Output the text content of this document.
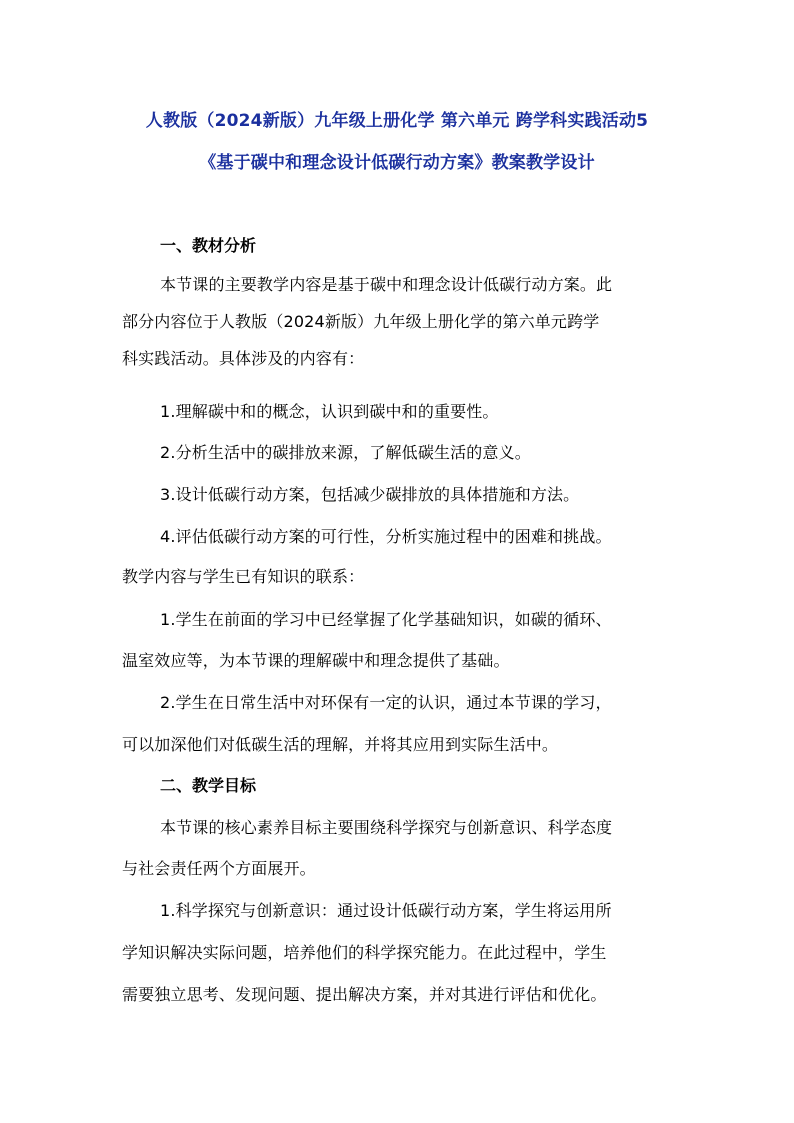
人教版（2024新版）九年级上册化学 第六单元 跨学科实践活动5
《基于碳中和理念设计低碳行动方案》教案教学设计
一、教材分析
本节课的主要教学内容是基于碳中和理念设计低碳行动方案。此
部分内容位于人教版（2024新版）九年级上册化学的第六单元跨学
科实践活动。具体涉及的内容有：
1.理解碳中和的概念，认识到碳中和的重要性。
2.分析生活中的碳排放来源，了解低碳生活的意义。
3.设计低碳行动方案，包括减少碳排放的具体措施和方法。
4.评估低碳行动方案的可行性，分析实施过程中的困难和挑战。
教学内容与学生已有知识的联系：
1.学生在前面的学习中已经掌握了化学基础知识，如碳的循环、
温室效应等，为本节课的理解碳中和理念提供了基础。
2.学生在日常生活中对环保有一定的认识，通过本节课的学习，
可以加深他们对低碳生活的理解，并将其应用到实际生活中。
二、教学目标
本节课的核心素养目标主要围绕科学探究与创新意识、科学态度
与社会责任两个方面展开。
1.科学探究与创新意识：通过设计低碳行动方案，学生将运用所
学知识解决实际问题，培养他们的科学探究能力。在此过程中，学生
需要独立思考、发现问题、提出解决方案，并对其进行评估和优化。
